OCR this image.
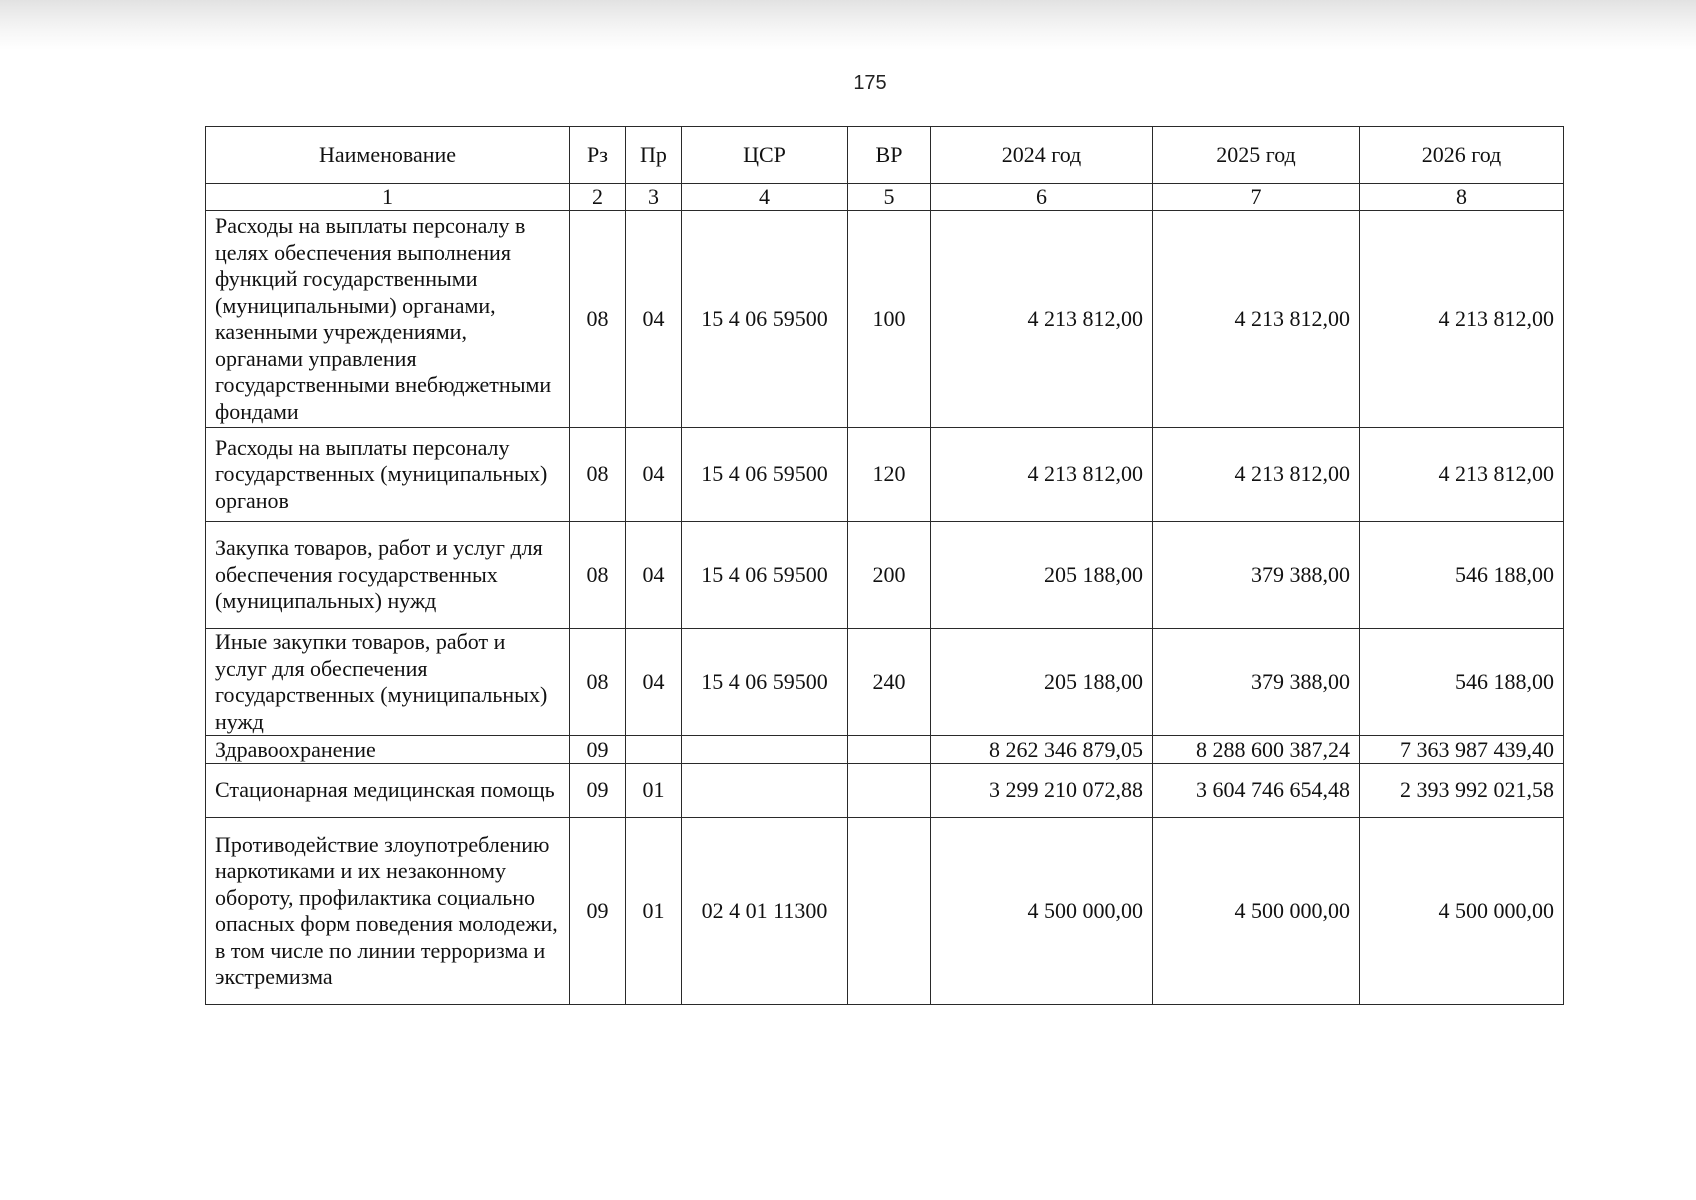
175
Наименование	Рз	Пр	ЦСР	ВР	2024 год	2025 год	2026 год
1	2	3	4	5	6	7	8
Расходы на выплаты персоналу в целях обеспечения выполнения функций государственными (муниципальными) органами, казенными учреждениями, органами управления государственными внебюджетными фондами	08	04	15 4 06 59500	100	4 213 812,00	4 213 812,00	4 213 812,00
Расходы на выплаты персоналу государственных (муниципальных) органов	08	04	15 4 06 59500	120	4 213 812,00	4 213 812,00	4 213 812,00
Закупка товаров, работ и услуг для обеспечения государственных (муниципальных) нужд	08	04	15 4 06 59500	200	205 188,00	379 388,00	546 188,00
Иные закупки товаров, работ и услуг для обеспечения государственных (муниципальных) нужд	08	04	15 4 06 59500	240	205 188,00	379 388,00	546 188,00
Здравоохранение	09				8 262 346 879,05	8 288 600 387,24	7 363 987 439,40
Стационарная медицинская помощь	09	01			3 299 210 072,88	3 604 746 654,48	2 393 992 021,58
Противодействие злоупотреблению наркотиками и их незаконному обороту, профилактика социально опасных форм поведения молодежи, в том числе по линии терроризма и экстремизма	09	01	02 4 01 11300		4 500 000,00	4 500 000,00	4 500 000,00
